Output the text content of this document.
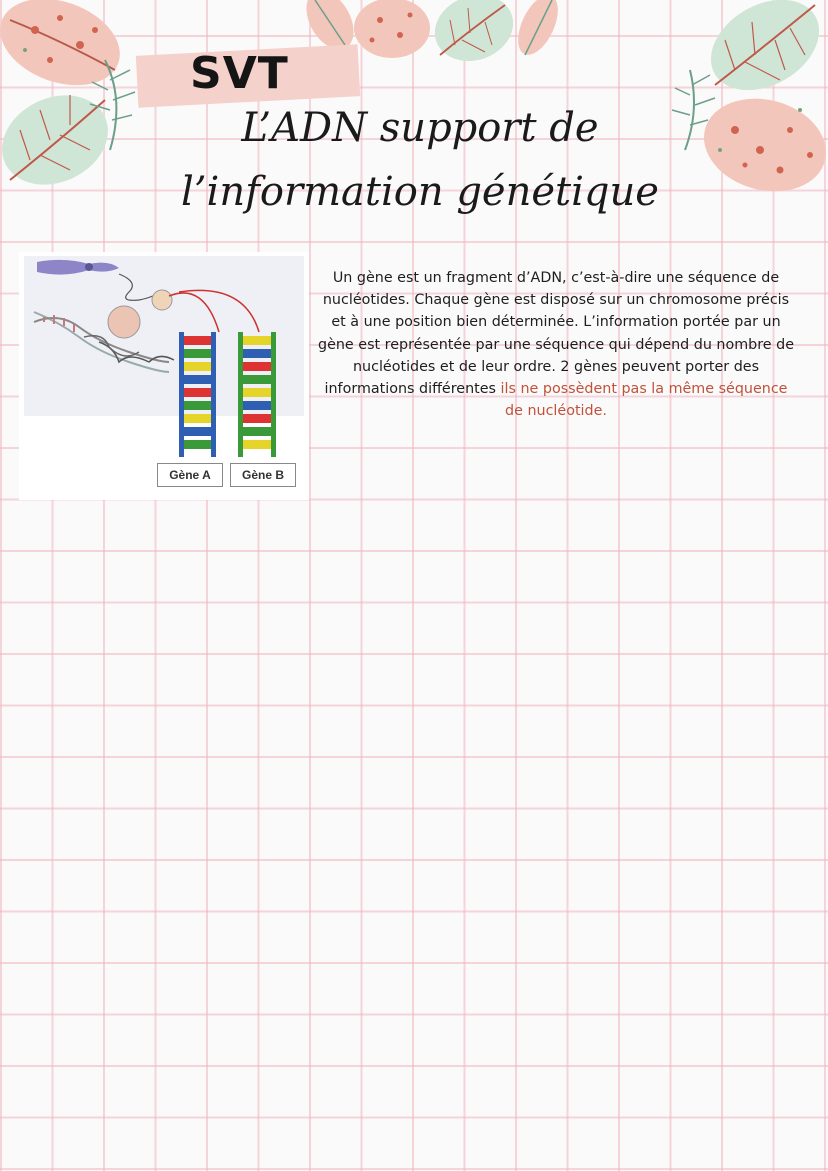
SVT
L’ADN support de
l’information génétique
Gène A	Gène B
Un gène est un fragment d’ADN, c’est-à-dire une séquence de nucléotides. Chaque gène est disposé sur un chromosome précis et à une position bien déterminée. L’information portée par un gène est représentée par une séquence qui dépend du nombre de nucléotides et de leur ordre. 2 gènes peuvent porter des informations différentes ils ne possèdent pas la même séquence de nucléotide.
